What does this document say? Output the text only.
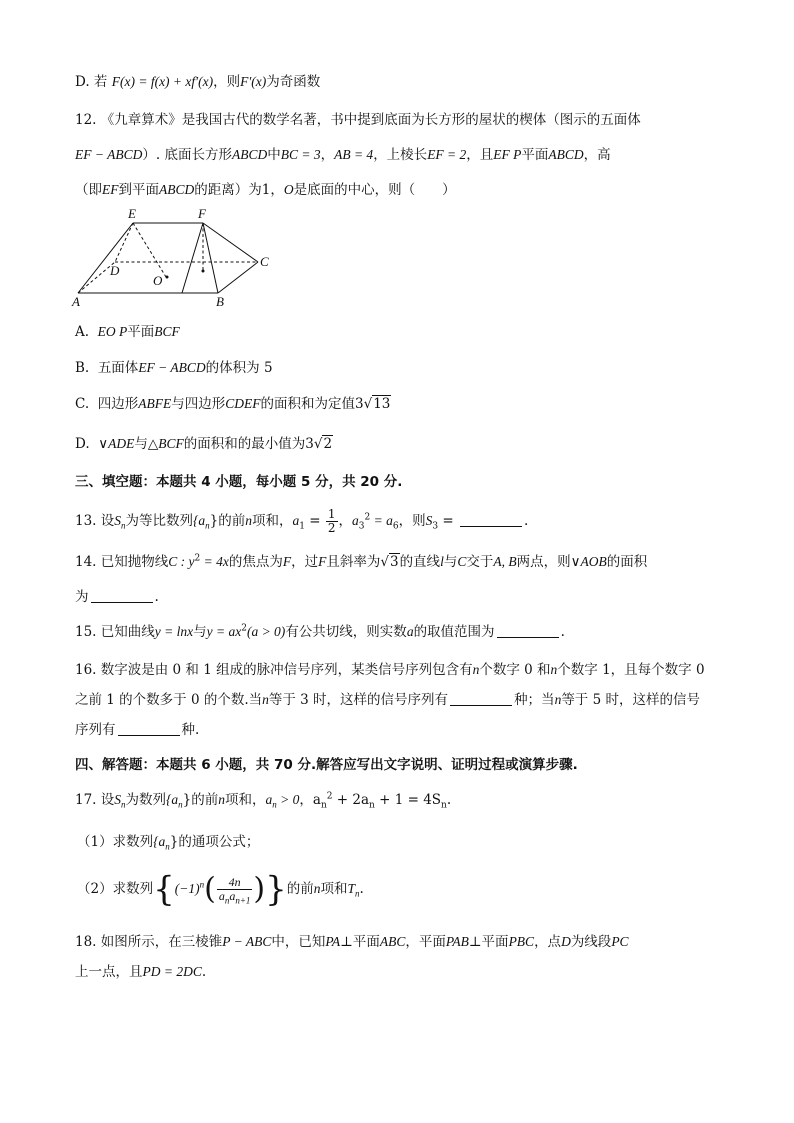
D. 若 F(x) = f(x) + xf′(x)，则F′(x)为奇函数
12. 《九章算术》是我国古代的数学名著，书中提到底面为长方形的屋状的楔体（图示的五面体
EF − ABCD）. 底面长方形ABCD中BC = 3，AB = 4，上棱长EF = 2，且EF P平面ABCD，高
（即EF到平面ABCD的距离）为1，O是底面的中心，则（　　）
E	F
D
C
O
A	B
A. EO P平面BCF
B. 五面体EF − ABCD的体积为 5
C. 四边形ABFE与四边形CDEF的面积和为定值3√13
D. ∨ADE与△BCF的面积和的最小值为3√2
三、填空题：本题共 4 小题，每小题 5 分，共 20 分.
13. 设$S_n$为等比数列$\{a_n\}$的前n项和，$a_1 = \frac{1}{2}$ ，$a_3^2 = a_6$，则$S_3$ =	.
14. 已知抛物线C : $y^2 = 4x$的焦点为F，过F且斜率为√3的直线l与C交于A, B两点，则∨AOB的面积
为	.
15. 已知曲线y = lnx与$y = ax^2(a > 0)$有公共切线，则实数a的取值范围为	.
16. 数字波是由 0 和 1 组成的脉冲信号序列，某类信号序列包含有n个数字 0 和n个数字 1，且每个数字 0
之前 1 的个数多于 0 的个数.当n等于 3 时，这样的信号序列有	种；当n等于 5 时，这样的信号
序列有	种.
四、解答题：本题共 6 小题，共 70 分.解答应写出文字说明、证明过程或演算步骤.
17. 设$S_n$为数列$\{a_n\}$的前n项和，$a_n > 0$，$a_n^2 + 2a_n + 1 = 4S_n$.
（1）求数列$\{a_n\}$的通项公式；
（2）求数列{$(-1)^n( \frac{4n}{a_na_{n+1}}$ )}的前n项和$T_n$.
18. 如图所示，在三棱锥P − ABC中，已知PA⊥平面ABC，平面PAB⊥平面PBC，点D为线段PC
上一点，且PD = 2DC.
